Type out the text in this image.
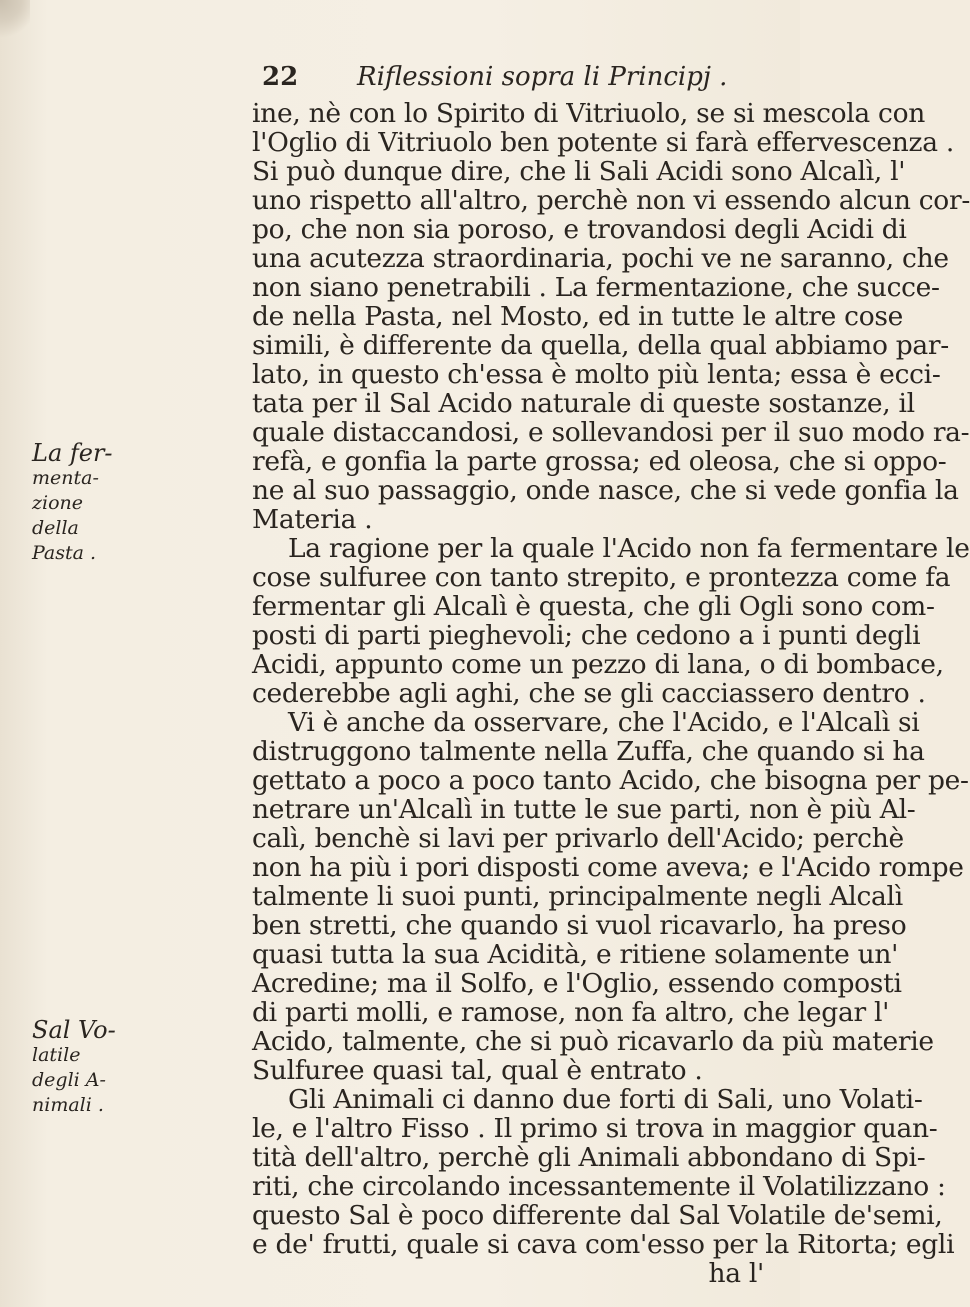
22 Riflessioni sopra li Principj .
La fer-
menta-
zione
della
Pasta .
Sal Vo-
latile
degli A-
nimali .
ine, nè con lo Spirito di Vitriuolo, se si mescola con
l'Oglio di Vitriuolo ben potente si farà effervescenza .
Si può dunque dire, che li Sali Acidi sono Alcalì, l'
uno rispetto all'altro, perchè non vi essendo alcun cor-
po, che non sia poroso, e trovandosi degli Acidi di
una acutezza straordinaria, pochi ve ne saranno, che
non siano penetrabili . La fermentazione, che succe-
de nella Pasta, nel Mosto, ed in tutte le altre cose
simili, è differente da quella, della qual abbiamo par-
lato, in questo ch'essa è molto più lenta; essa è ecci-
tata per il Sal Acido naturale di queste sostanze, il
quale distaccandosi, e sollevandosi per il suo modo ra-
refà, e gonfia la parte grossa; ed oleosa, che si oppo-
ne al suo passaggio, onde nasce, che si vede gonfia la
Materia .
La ragione per la quale l'Acido non fa fermentare le
cose sulfuree con tanto strepito, e prontezza come fa
fermentar gli Alcalì è questa, che gli Ogli sono com-
posti di parti pieghevoli; che cedono a i punti degli
Acidi, appunto come un pezzo di lana, o di bombace,
cederebbe agli aghi, che se gli cacciassero dentro .
Vi è anche da osservare, che l'Acido, e l'Alcalì si
distruggono talmente nella Zuffa, che quando si ha
gettato a poco a poco tanto Acido, che bisogna per pe-
netrare un'Alcalì in tutte le sue parti, non è più Al-
calì, benchè si lavi per privarlo dell'Acido; perchè
non ha più i pori disposti come aveva; e l'Acido rompe
talmente li suoi punti, principalmente negli Alcalì
ben stretti, che quando si vuol ricavarlo, ha preso
quasi tutta la sua Acidità, e ritiene solamente un'
Acredine; ma il Solfo, e l'Oglio, essendo composti
di parti molli, e ramose, non fa altro, che legar l'
Acido, talmente, che si può ricavarlo da più materie
Sulfuree quasi tal, qual è entrato .
Gli Animali ci danno due forti di Sali, uno Volati-
le, e l'altro Fisso . Il primo si trova in maggior quan-
tità dell'altro, perchè gli Animali abbondano di Spi-
riti, che circolando incessantemente il Volatilizzano :
questo Sal è poco differente dal Sal Volatile de'semi,
e de' frutti, quale si cava com'esso per la Ritorta; egli
ha l'
